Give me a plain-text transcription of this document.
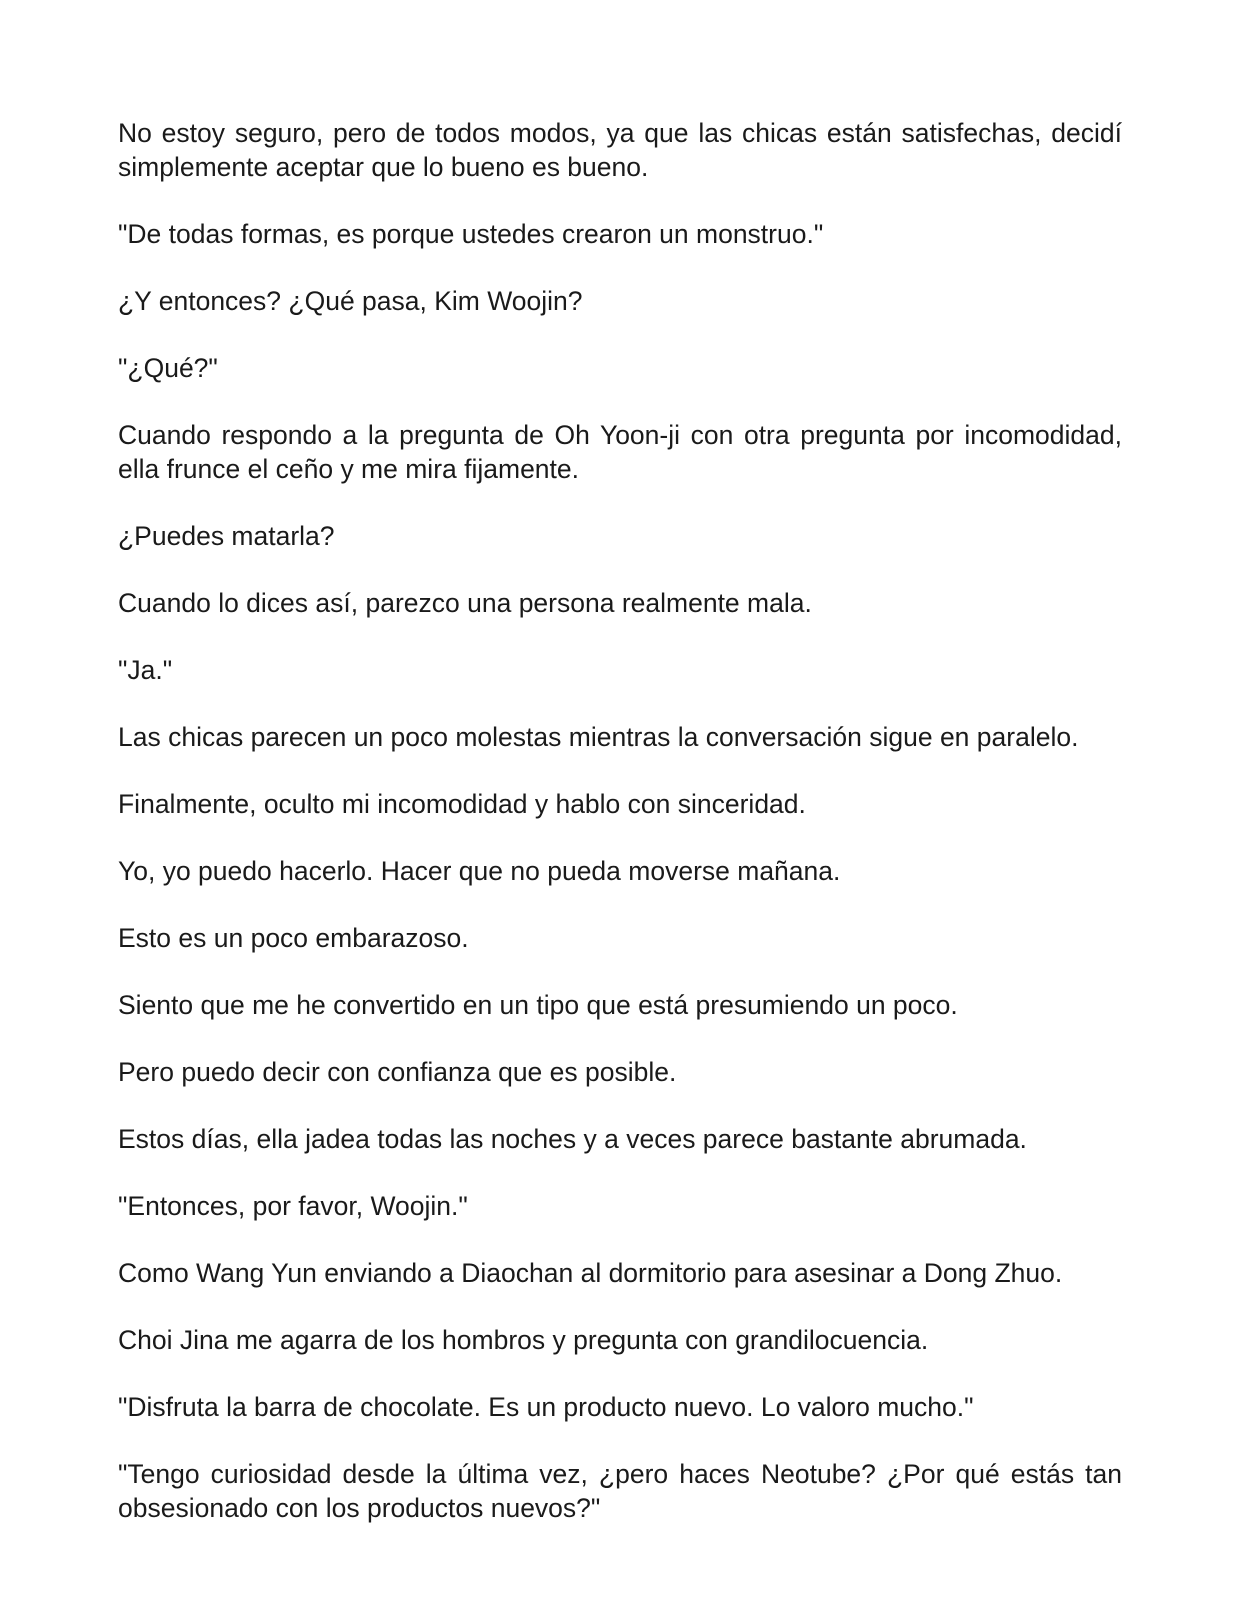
No estoy seguro, pero de todos modos, ya que las chicas están satisfechas, decidí simplemente aceptar que lo bueno es bueno.

"De todas formas, es porque ustedes crearon un monstruo."

¿Y entonces? ¿Qué pasa, Kim Woojin?

"¿Qué?"

Cuando respondo a la pregunta de Oh Yoon-ji con otra pregunta por incomodidad, ella frunce el ceño y me mira fijamente.

¿Puedes matarla?

Cuando lo dices así, parezco una persona realmente mala.

"Ja."

Las chicas parecen un poco molestas mientras la conversación sigue en paralelo.

Finalmente, oculto mi incomodidad y hablo con sinceridad.

Yo, yo puedo hacerlo. Hacer que no pueda moverse mañana.

Esto es un poco embarazoso.

Siento que me he convertido en un tipo que está presumiendo un poco.

Pero puedo decir con confianza que es posible.

Estos días, ella jadea todas las noches y a veces parece bastante abrumada.

"Entonces, por favor, Woojin."

Como Wang Yun enviando a Diaochan al dormitorio para asesinar a Dong Zhuo.

Choi Jina me agarra de los hombros y pregunta con grandilocuencia.

"Disfruta la barra de chocolate. Es un producto nuevo. Lo valoro mucho."

"Tengo curiosidad desde la última vez, ¿pero haces Neotube? ¿Por qué estás tan obsesionado con los productos nuevos?"
